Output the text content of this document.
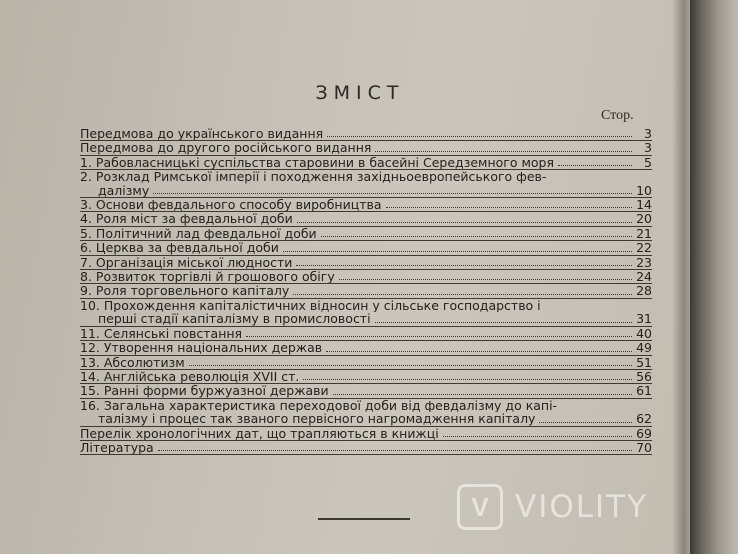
ЗМІСТ
Стор.
Передмова до українського видання	3
Передмова до другого російського видання	3
1. Рабовласницькі суспільства старовини в басейні Середземного моря	5
2. Розклад Римської імперії і походження західньоевропейського фев-
далізму	10
3. Основи февдального способу виробництва	14
4. Роля міст за февдальної доби	20
5. Політичний лад февдальної доби	21
6. Церква за февдальної доби	22
7. Організація міської людности	23
8. Розвиток торгівлі й грошового обігу	24
9. Роля торговельного капіталу	28
10. Прохождення капіталістичних відносин у сільське господарство і
перші стадії капіталізму в промисловості	31
11. Селянські повстання	40
12. Утворення національних держав	49
13. Абсолютизм	51
14. Англійська революція XVII ст.	56
15. Ранні форми буржуазної держави	61
16. Загальна характеристика переходової доби від февдалізму до капі-
талізму і процес так званого первісного нагромадження капіталу	62
Перелік хронологічних дат, що трапляються в книжці	69
Література	70
V VIOLITY
